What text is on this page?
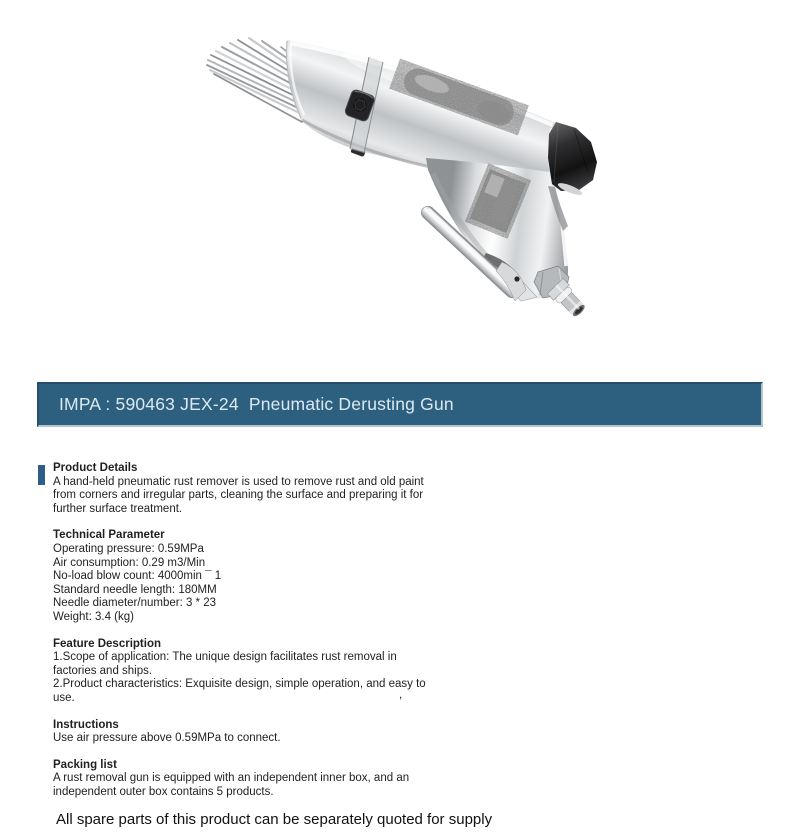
IMPA : 590463 JEX-24  Pneumatic Derusting Gun
Product Details
A hand-held pneumatic rust remover is used to remove rust and old paint
from corners and irregular parts, cleaning the surface and preparing it for
further surface treatment.
Technical Parameter
Operating pressure: 0.59MPa
Air consumption: 0.29 m3/Min
No-load blow count: 4000min ¯ 1
Standard needle length: 180MM
Needle diameter/number: 3 * 23
Weight: 3.4 (kg)
Feature Description
1.Scope of application: The unique design facilitates rust removal in
factories and ships.
2.Product characteristics: Exquisite design, simple operation, and easy to
use.
Instructions
Use air pressure above 0.59MPa to connect.
Packing list
A rust removal gun is equipped with an independent inner box, and an
independent outer box contains 5 products.
,
All spare parts of this product can be separately quoted for supply
